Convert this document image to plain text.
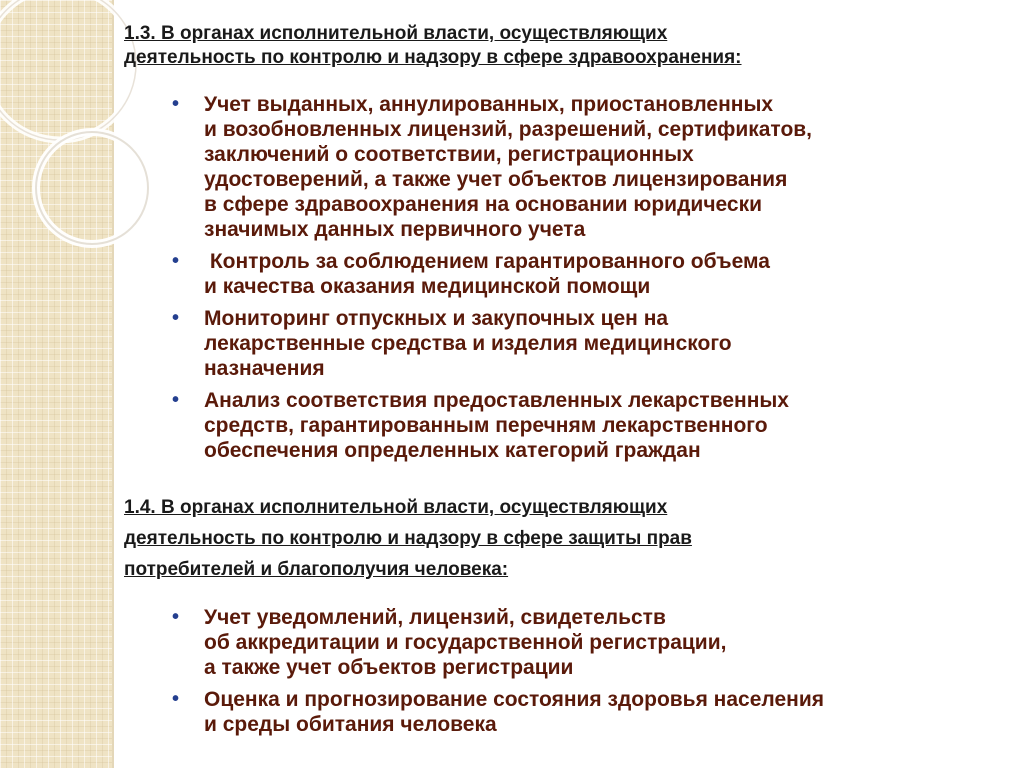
1.3. В органах исполнительной власти, осуществляющих
деятельность по контролю и надзору в сфере здравоохранения:
• Учет выданных, аннулированных, приостановленных
и возобновленных лицензий, разрешений, сертификатов,
заключений о соответствии, регистрационных
удостоверений, а также учет объектов лицензирования
в сфере здравоохранения на основании юридически
значимых данных первичного учета
• Контроль за соблюдением гарантированного объема
и качества оказания медицинской помощи
• Мониторинг отпускных и закупочных цен на
лекарственные средства и изделия медицинского
назначения
• Анализ соответствия предоставленных лекарственных
средств, гарантированным перечням лекарственного
обеспечения определенных категорий граждан
1.4. В органах исполнительной власти, осуществляющих
деятельность по контролю и надзору в сфере защиты прав
потребителей и благополучия человека:
• Учет уведомлений, лицензий, свидетельств
об аккредитации и государственной регистрации,
а также учет объектов регистрации
• Оценка и прогнозирование состояния здоровья населения
и среды обитания человека
